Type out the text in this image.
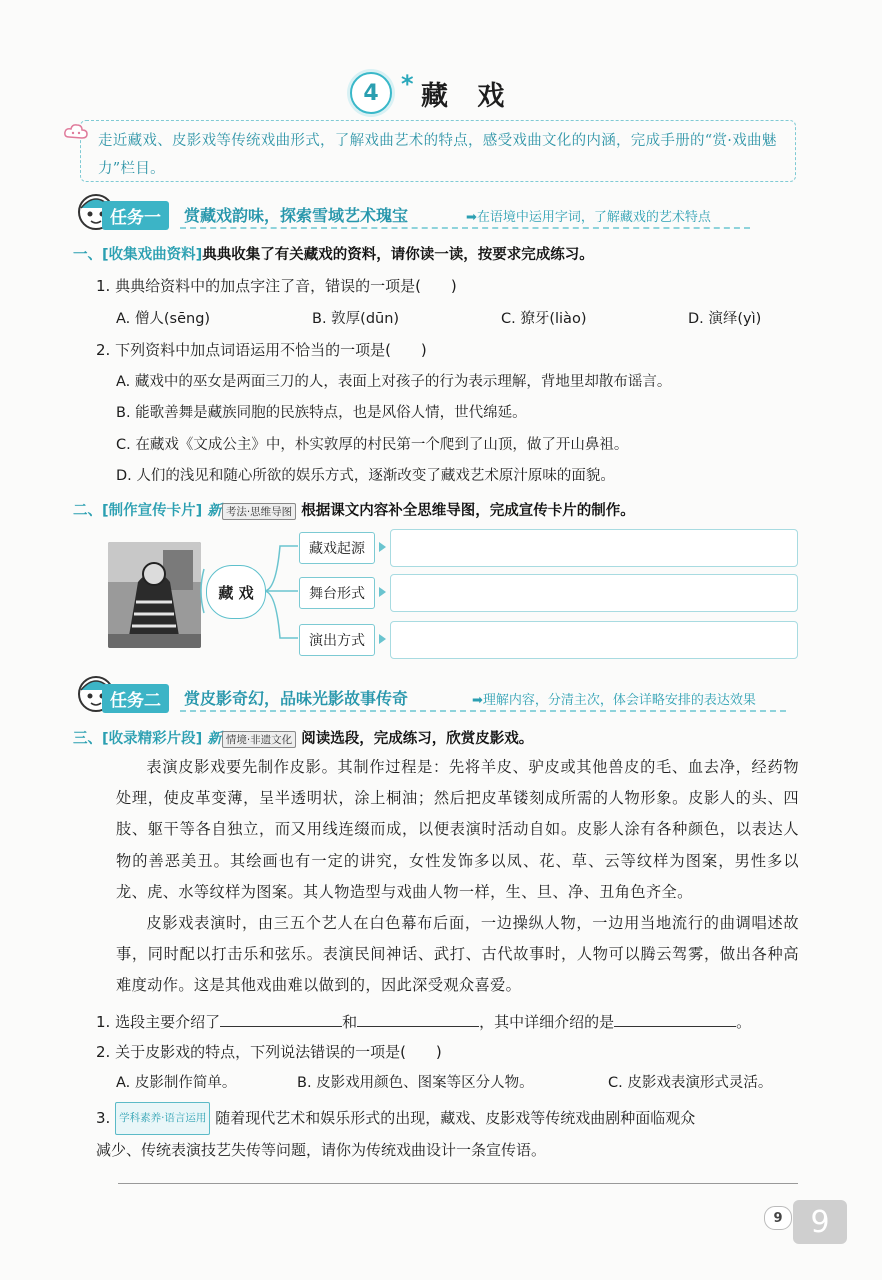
4 * 藏 戏
走近藏戏、皮影戏等传统戏曲形式，了解戏曲艺术的特点，感受戏曲文化的内涵，完成手册的“赏·戏曲魅力”栏目。
任务一	赏藏戏韵味，探索雪域艺术瑰宝	➡在语境中运用字词，了解藏戏的艺术特点
一、[收集戏曲资料]典典收集了有关藏戏的资料，请你读一读，按要求完成练习。
1. 典典给资料中的加点字注了音，错误的一项是(　　)
A. 僧人(sēng)	B. 敦厚(dūn)	C. 獠牙(liào)	D. 演绎(yì)
2. 下列资料中加点词语运用不恰当的一项是(　　)
A. 藏戏中的巫女是两面三刀的人，表面上对孩子的行为表示理解，背地里却散布谣言。
B. 能歌善舞是藏族同胞的民族特点，也是风俗人情，世代绵延。
C. 在藏戏《文成公主》中，朴实敦厚的村民第一个爬到了山顶，做了开山鼻祖。
D. 人们的浅见和随心所欲的娱乐方式，逐渐改变了藏戏艺术原汁原味的面貌。
二、[制作宣传卡片] 新 考法·思维导图 根据课文内容补全思维导图，完成宣传卡片的制作。
藏 戏
藏戏起源
舞台形式
演出方式
任务二	赏皮影奇幻，品味光影故事传奇	➡理解内容，分清主次，体会详略安排的表达效果
三、[收录精彩片段] 新 情境·非遗文化 阅读选段，完成练习，欣赏皮影戏。

表演皮影戏要先制作皮影。其制作过程是：先将羊皮、驴皮或其他兽皮的毛、血去净，经药物处理，使皮革变薄，呈半透明状，涂上桐油；然后把皮革镂刻成所需的人物形象。皮影人的头、四肢、躯干等各自独立，而又用线连缀而成，以便表演时活动自如。皮影人涂有各种颜色，以表达人物的善恶美丑。其绘画也有一定的讲究，女性发饰多以凤、花、草、云等纹样为图案，男性多以龙、虎、水等纹样为图案。其人物造型与戏曲人物一样，生、旦、净、丑角色齐全。

皮影戏表演时，由三五个艺人在白色幕布后面，一边操纵人物，一边用当地流行的曲调唱述故事，同时配以打击乐和弦乐。表演民间神话、武打、古代故事时，人物可以腾云驾雾，做出各种高难度动作。这是其他戏曲难以做到的，因此深受观众喜爱。

1. 选段主要介绍了	和	，其中详细介绍的是	。
2. 关于皮影戏的特点，下列说法错误的一项是(　　)
A. 皮影制作简单。	B. 皮影戏用颜色、图案等区分人物。	C. 皮影戏表演形式灵活。
3. 学科素养·语言运用 随着现代艺术和娱乐形式的出现，藏戏、皮影戏等传统戏曲剧种面临观众
减少、传统表演技艺失传等问题，请你为传统戏曲设计一条宣传语。
9 9
